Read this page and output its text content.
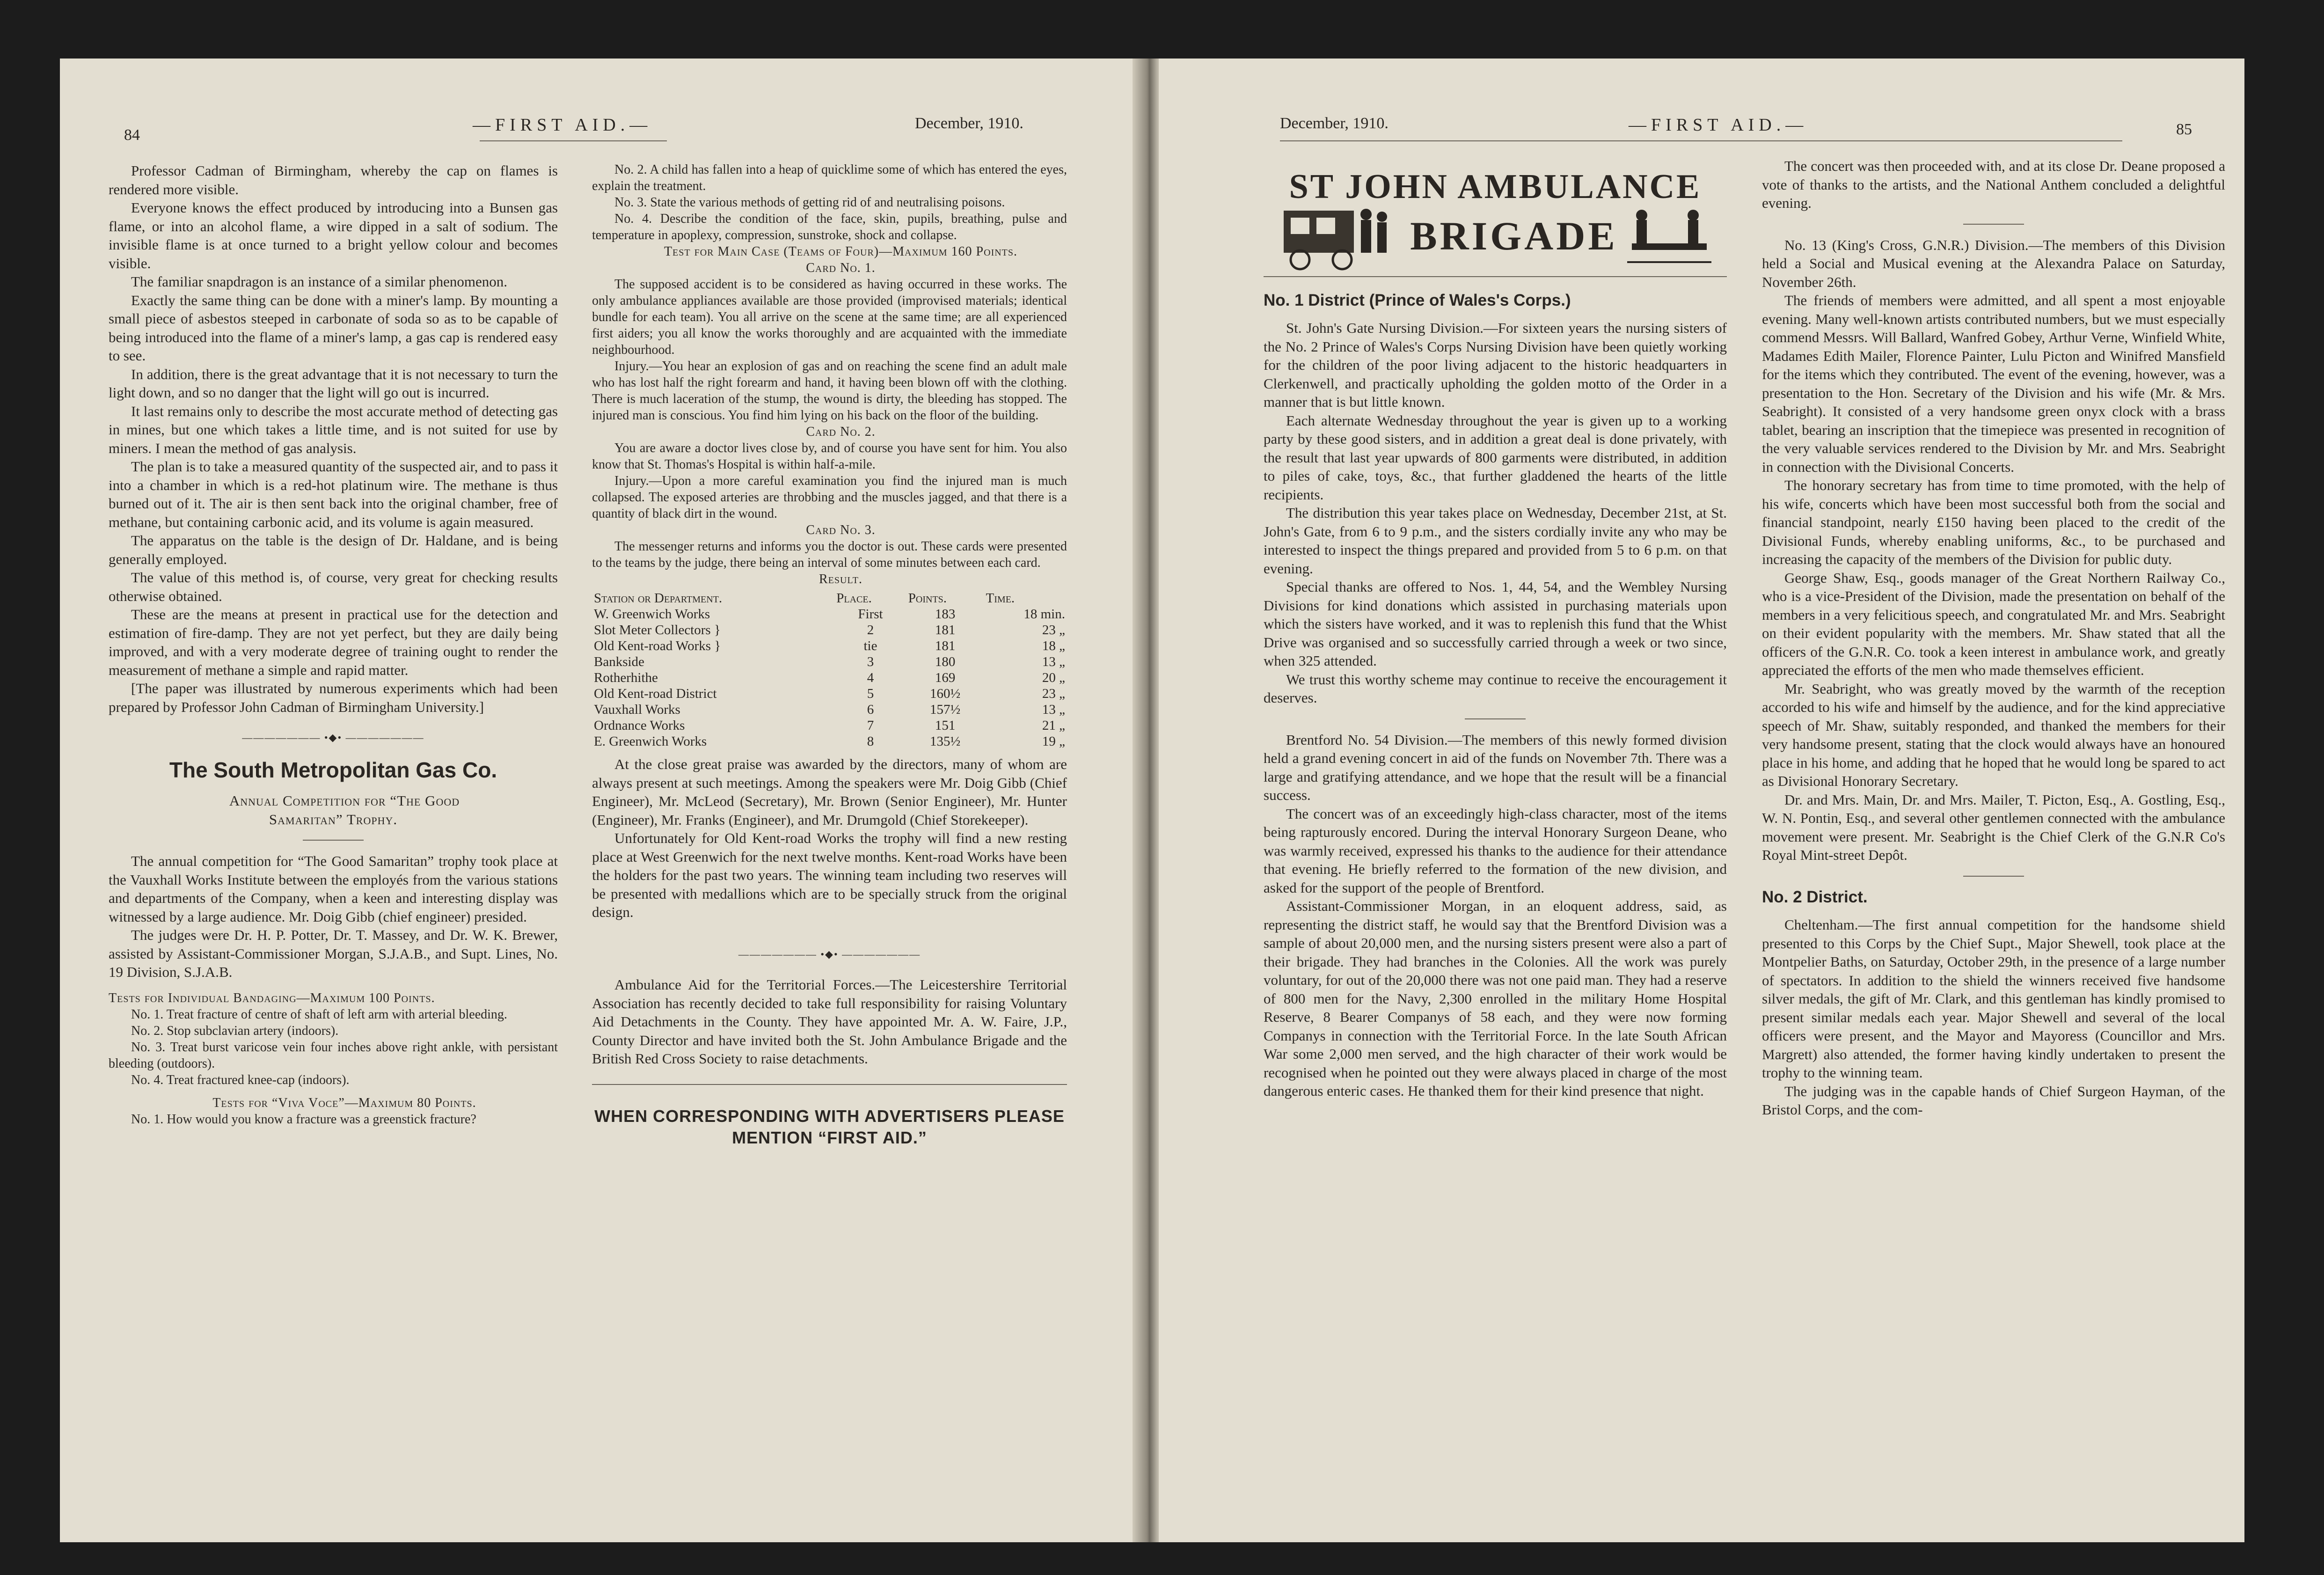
84
—FIRST AID.—	December, 1910.

Professor Cadman of Birmingham, whereby the cap on flames is rendered more visible.

Everyone knows the effect produced by introducing into a Bunsen gas flame, or into an alcohol flame, a wire dipped in a salt of sodium. The invisible flame is at once turned to a bright yellow colour and becomes visible.

The familiar snapdragon is an instance of a similar phenomenon.

Exactly the same thing can be done with a miner's lamp. By mounting a small piece of asbestos steeped in carbonate of soda so as to be capable of being introduced into the flame of a miner's lamp, a gas cap is rendered easy to see.

In addition, there is the great advantage that it is not necessary to turn the light down, and so no danger that the light will go out is incurred.

It last remains only to describe the most accurate method of detecting gas in mines, but one which takes a little time, and is not suited for use by miners. I mean the method of gas analysis.

The plan is to take a measured quantity of the suspected air, and to pass it into a chamber in which is a red-hot platinum wire. The methane is thus burned out of it. The air is then sent back into the original chamber, free of methane, but containing carbonic acid, and its volume is again measured.

The apparatus on the table is the design of Dr. Haldane, and is being generally employed.

The value of this method is, of course, very great for checking results otherwise obtained.

These are the means at present in practical use for the detection and estimation of fire-damp. They are not yet perfect, but they are daily being improved, and with a very moderate degree of training ought to render the measurement of methane a simple and rapid matter.

[The paper was illustrated by numerous experiments which had been prepared by Professor John Cadman of Birmingham University.]

——————— •◆• ———————
The South Metropolitan Gas Co.

Annual Competition for “The Good Samaritan” Trophy.

The annual competition for “The Good Samaritan” trophy took place at the Vauxhall Works Institute between the employés from the various stations and departments of the Company, when a keen and interesting display was witnessed by a large audience. Mr. Doig Gibb (chief engineer) presided.

The judges were Dr. H. P. Potter, Dr. T. Massey, and Dr. W. K. Brewer, assisted by Assistant-Commissioner Morgan, S.J.A.B., and Supt. Lines, No. 19 Division, S.J.A.B.

Tests for Individual Bandaging—Maximum 100 Points.

No. 1. Treat fracture of centre of shaft of left arm with arterial bleeding.

No. 2. Stop subclavian artery (indoors).

No. 3. Treat burst varicose vein four inches above right ankle, with persistant bleeding (outdoors).

No. 4. Treat fractured knee-cap (indoors).

Tests for “Viva Voce”—Maximum 80 Points.

No. 1. How would you know a fracture was a greenstick fracture?

No. 2. A child has fallen into a heap of quicklime some of which has entered the eyes, explain the treatment.

No. 3. State the various methods of getting rid of and neutralising poisons.

No. 4. Describe the condition of the face, skin, pupils, breathing, pulse and temperature in apoplexy, compression, sunstroke, shock and collapse.

Test for Main Case (Teams of Four)—Maximum 160 Points.

Card No. 1.

The supposed accident is to be considered as having occurred in these works. The only ambulance appliances available are those provided (improvised materials; identical bundle for each team). You all arrive on the scene at the same time; are all experienced first aiders; you all know the works thoroughly and are acquainted with the immediate neighbourhood.

Injury.—You hear an explosion of gas and on reaching the scene find an adult male who has lost half the right forearm and hand, it having been blown off with the clothing. There is much laceration of the stump, the wound is dirty, the bleeding has stopped. The injured man is conscious. You find him lying on his back on the floor of the building.

Card No. 2.

You are aware a doctor lives close by, and of course you have sent for him. You also know that St. Thomas's Hospital is within half-a-mile.

Injury.—Upon a more careful examination you find the injured man is much collapsed. The exposed arteries are throbbing and the muscles jagged, and that there is a quantity of black dirt in the wound.

Card No. 3.

The messenger returns and informs you the doctor is out. These cards were presented to the teams by the judge, there being an interval of some minutes between each card.

Result.

Station or Department.	Place.	Points.	Time.
W. Greenwich Works	First	183	18 min.
Slot Meter Collectors }	2	181	23 „
Old Kent-road Works }	tie	181	18 „
Bankside	3	180	13 „
Rotherhithe	4	169	20 „
Old Kent-road District	5	160½	23 „
Vauxhall Works	6	157½	13 „
Ordnance Works	7	151	21 „
E. Greenwich Works	8	135½	19 „

At the close great praise was awarded by the directors, many of whom are always present at such meetings. Among the speakers were Mr. Doig Gibb (Chief Engineer), Mr. McLeod (Secretary), Mr. Brown (Senior Engineer), Mr. Hunter (Engineer), Mr. Franks (Engineer), and Mr. Drumgold (Chief Storekeeper).

Unfortunately for Old Kent-road Works the trophy will find a new resting place at West Greenwich for the next twelve months. Kent-road Works have been the holders for the past two years. The winning team including two reserves will be presented with medallions which are to be specially struck from the original design.

——————— •◆• ———————

Ambulance Aid for the Territorial Forces.—The Leicestershire Territorial Association has recently decided to take full responsibility for raising Voluntary Aid Detachments in the County. They have appointed Mr. A. W. Faire, J.P., County Director and have invited both the St. John Ambulance Brigade and the British Red Cross Society to raise detachments.

WHEN CORRESPONDING WITH ADVERTISERS PLEASE MENTION “FIRST AID.”
December, 1910.	—FIRST AID.—	85
ST JOHN AMBULANCE
BRIGADE
No. 1 District (Prince of Wales's Corps.)

St. John's Gate Nursing Division.—For sixteen years the nursing sisters of the No. 2 Prince of Wales's Corps Nursing Division have been quietly working for the children of the poor living adjacent to the historic headquarters in Clerkenwell, and practically upholding the golden motto of the Order in a manner that is but little known.

Each alternate Wednesday throughout the year is given up to a working party by these good sisters, and in addition a great deal is done privately, with the result that last year upwards of 800 garments were distributed, in addition to piles of cake, toys, &c., that further gladdened the hearts of the little recipients.

The distribution this year takes place on Wednesday, December 21st, at St. John's Gate, from 6 to 9 p.m., and the sisters cordially invite any who may be interested to inspect the things prepared and provided from 5 to 6 p.m. on that evening.

Special thanks are offered to Nos. 1, 44, 54, and the Wembley Nursing Divisions for kind donations which assisted in purchasing materials upon which the sisters have worked, and it was to replenish this fund that the Whist Drive was organised and so successfully carried through a week or two since, when 325 attended.

We trust this worthy scheme may continue to receive the encouragement it deserves.

Brentford No. 54 Division.—The members of this newly formed division held a grand evening concert in aid of the funds on November 7th. There was a large and gratifying attendance, and we hope that the result will be a financial success.

The concert was of an exceedingly high-class character, most of the items being rapturously encored. During the interval Honorary Surgeon Deane, who was warmly received, expressed his thanks to the audience for their attendance that evening. He briefly referred to the formation of the new division, and asked for the support of the people of Brentford.

Assistant-Commissioner Morgan, in an eloquent address, said, as representing the district staff, he would say that the Brentford Division was a sample of about 20,000 men, and the nursing sisters present were also a part of their brigade. They had branches in the Colonies. All the work was purely voluntary, for out of the 20,000 there was not one paid man. They had a reserve of 800 men for the Navy, 2,300 enrolled in the military Home Hospital Reserve, 8 Bearer Companys of 58 each, and they were now forming Companys in connection with the Territorial Force. In the late South African War some 2,000 men served, and the high character of their work would be recognised when he pointed out they were always placed in charge of the most dangerous enteric cases. He thanked them for their kind presence that night.

The concert was then proceeded with, and at its close Dr. Deane proposed a vote of thanks to the artists, and the National Anthem concluded a delightful evening.

No. 13 (King's Cross, G.N.R.) Division.—The members of this Division held a Social and Musical evening at the Alexandra Palace on Saturday, November 26th.

The friends of members were admitted, and all spent a most enjoyable evening. Many well-known artists contributed numbers, but we must especially commend Messrs. Will Ballard, Wanfred Gobey, Arthur Verne, Winfield White, Madames Edith Mailer, Florence Painter, Lulu Picton and Winifred Mansfield for the items which they contributed. The event of the evening, however, was a presentation to the Hon. Secretary of the Division and his wife (Mr. & Mrs. Seabright). It consisted of a very handsome green onyx clock with a brass tablet, bearing an inscription that the timepiece was presented in recognition of the very valuable services rendered to the Division by Mr. and Mrs. Seabright in connection with the Divisional Concerts.

The honorary secretary has from time to time promoted, with the help of his wife, concerts which have been most successful both from the social and financial standpoint, nearly £150 having been placed to the credit of the Divisional Funds, whereby enabling uniforms, &c., to be purchased and increasing the capacity of the members of the Division for public duty.

George Shaw, Esq., goods manager of the Great Northern Railway Co., who is a vice-President of the Division, made the presentation on behalf of the members in a very felicitious speech, and congratulated Mr. and Mrs. Seabright on their evident popularity with the members. Mr. Shaw stated that all the officers of the G.N.R. Co. took a keen interest in ambulance work, and greatly appreciated the efforts of the men who made themselves efficient.

Mr. Seabright, who was greatly moved by the warmth of the reception accorded to his wife and himself by the audience, and for the kind appreciative speech of Mr. Shaw, suitably responded, and thanked the members for their very handsome present, stating that the clock would always have an honoured place in his home, and adding that he hoped that he would long be spared to act as Divisional Honorary Secretary.

Dr. and Mrs. Main, Dr. and Mrs. Mailer, T. Picton, Esq., A. Gostling, Esq., W. N. Pontin, Esq., and several other gentlemen connected with the ambulance movement were present. Mr. Seabright is the Chief Clerk of the G.N.R Co's Royal Mint-street Depôt.

No. 2 District.

Cheltenham.—The first annual competition for the handsome shield presented to this Corps by the Chief Supt., Major Shewell, took place at the Montpelier Baths, on Saturday, October 29th, in the presence of a large number of spectators. In addition to the shield the winners received five handsome silver medals, the gift of Mr. Clark, and this gentleman has kindly promised to present similar medals each year. Major Shewell and several of the local officers were present, and the Mayor and Mayoress (Councillor and Mrs. Margrett) also attended, the former having kindly undertaken to present the trophy to the winning team.

The judging was in the capable hands of Chief Surgeon Hayman, of the Bristol Corps, and the com-
